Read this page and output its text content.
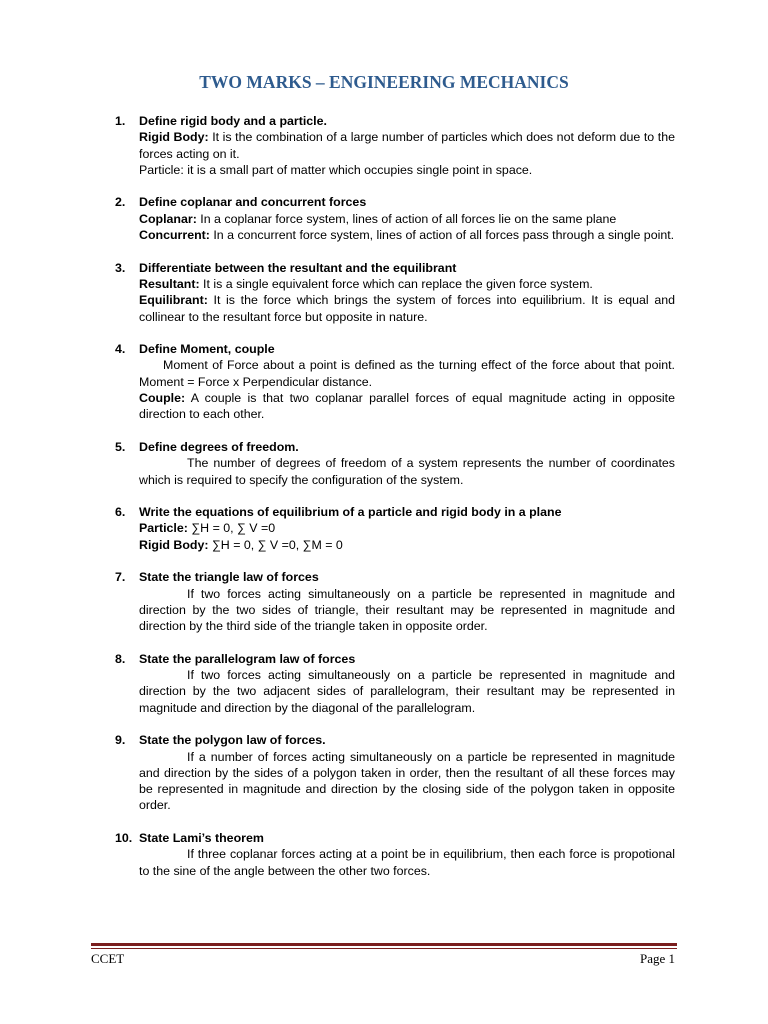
TWO MARKS – ENGINEERING MECHANICS
1.	Define rigid body and a particle.
Rigid Body: It is the combination of a large number of particles which does not deform due to the forces acting on it.
Particle: it is a small part of matter which occupies single point in space.
2.	Define coplanar and concurrent forces
Coplanar: In a coplanar force system, lines of action of all forces lie on the same plane
Concurrent: In a concurrent force system, lines of action of all forces pass through a single point.
3.	Differentiate between the resultant and the equilibrant
Resultant: It is a single equivalent force which can replace the given force system.
Equilibrant: It is the force which brings the system of forces into equilibrium. It is equal and collinear to the resultant force but opposite in nature.
4.	Define Moment, couple
Moment of Force about a point is defined as the turning effect of the force about that point. Moment = Force x Perpendicular distance.
Couple: A couple is that two coplanar parallel forces of equal magnitude acting in opposite direction to each other.
5.	Define degrees of freedom.
The number of degrees of freedom of a system represents the number of coordinates which is required to specify the configuration of the system.
6.	Write the equations of equilibrium of a particle and rigid body in a plane
Particle: ∑H = 0, ∑ V =0
Rigid Body: ∑H = 0, ∑ V =0, ∑M = 0
7.	State the triangle law of forces
If two forces acting simultaneously on a particle be represented in magnitude and direction by the two sides of triangle, their resultant may be represented in magnitude and direction by the third side of the triangle taken in opposite order.
8.	State the parallelogram law of forces
If two forces acting simultaneously on a particle be represented in magnitude and direction by the two adjacent sides of parallelogram, their resultant may be represented in magnitude and direction by the diagonal of the parallelogram.
9.	State the polygon law of forces.
If a number of forces acting simultaneously on a particle be represented in magnitude and direction by the sides of a polygon taken in order, then the resultant of all these forces may be represented in magnitude and direction by the closing side of the polygon taken in opposite order.
10. State Lami’s theorem
If three coplanar forces acting at a point be in equilibrium, then each force is propotional to the sine of the angle between the other two forces.
CCET	Page 1
